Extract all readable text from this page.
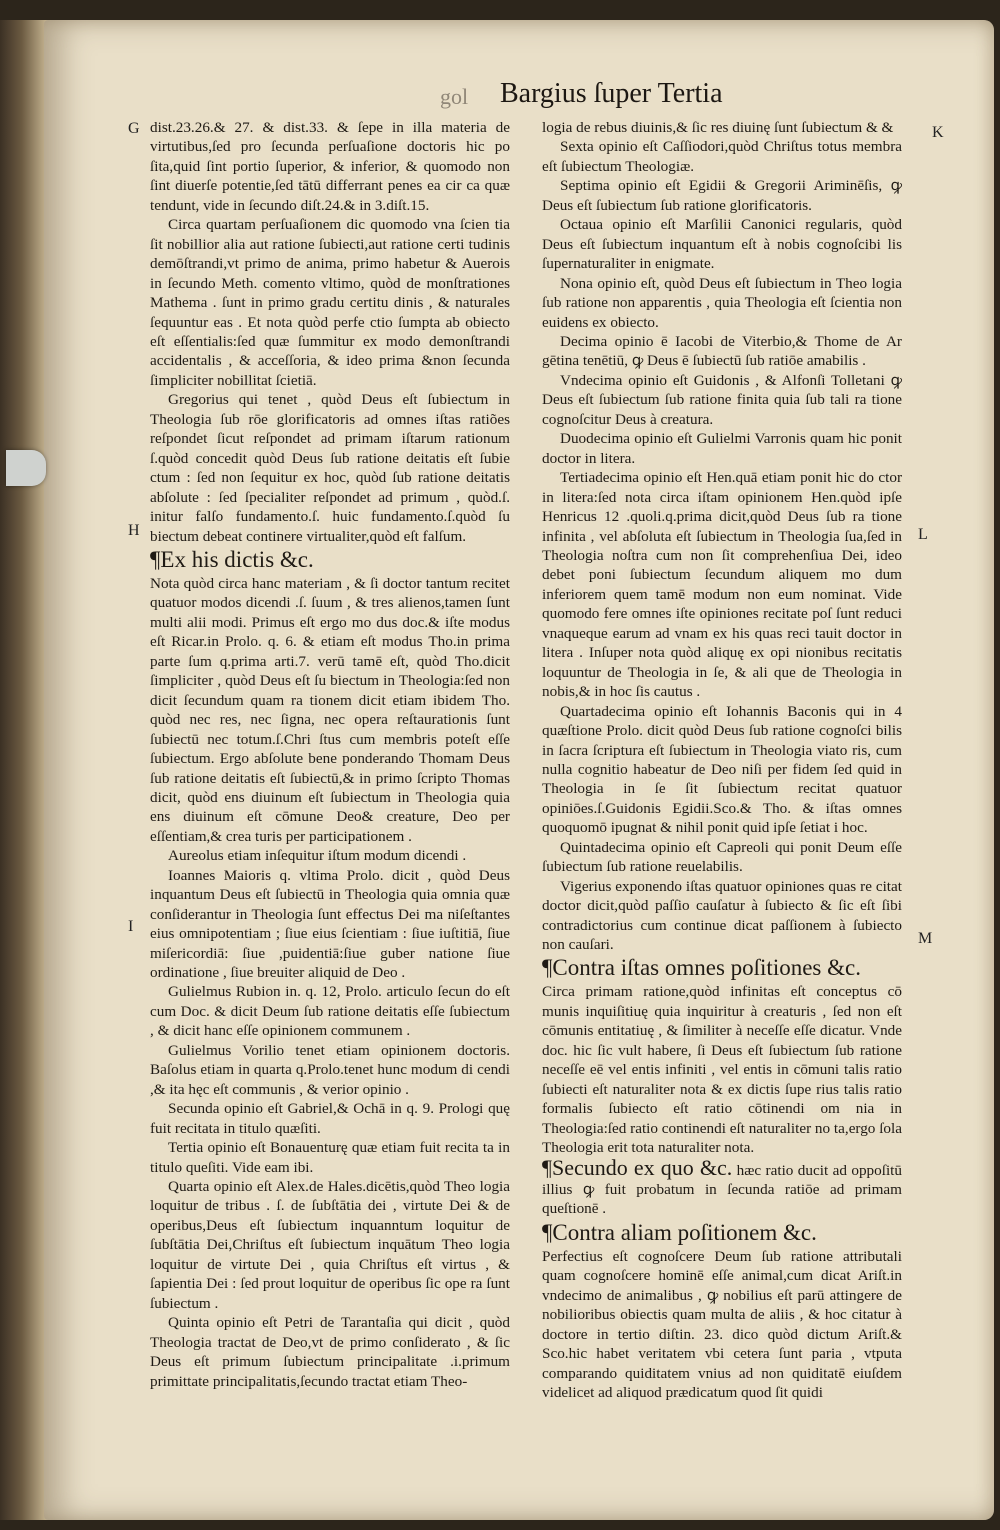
gol Bargius ſuper Tertia
G
H
I
K
L
M

dist.23.26.& 27. & dist.33. & ſepe in illa materia de virtutibus,ſed pro ſecunda perſuaſione doctoris hic po ſita,quid ſint portio ſuperior, & inferior, & quomodo non ſint diuerſe potentie,ſed tātū differrant penes ea cir ca quæ tendunt, vide in ſecundo diſt.24.& in 3.diſt.15.

Circa quartam perſuaſionem dic quomodo vna ſcien tia ſit nobillior alia aut ratione ſubiecti,aut ratione certi tudinis demōſtrandi,vt primo de anima, primo habetur & Auerois in ſecundo Meth. comento vltimo, quòd de monſtrationes Mathema . ſunt in primo gradu certitu dinis , & naturales ſequuntur eas . Et nota quòd perfe ctio ſumpta ab obiecto eſt eſſentialis:ſed quæ ſummitur ex modo demonſtrandi accidentalis , & acceſſoria, & ideo prima &non ſecunda ſimpliciter nobillitat ſcietiā.

Gregorius qui tenet , quòd Deus eſt ſubiectum in Theologia ſub rōe glorificatoris ad omnes iſtas ratiões reſpondet ſicut reſpondet ad primam iſtarum rationum ſ.quòd concedit quòd Deus ſub ratione deitatis eſt ſubie ctum : ſed non ſequitur ex hoc, quòd ſub ratione deitatis abſolute : ſed ſpecialiter reſpondet ad primum , quòd.ſ. initur falſo fundamento.ſ. huic fundamento.ſ.quòd ſu biectum debeat continere virtualiter,quòd eſt falſum.

¶Ex his dictis &c.

Nota quòd circa hanc materiam , & ſi doctor tantum recitet quatuor modos dicendi .ſ. ſuum , & tres alienos,tamen ſunt multi alii modi. Primus eſt ergo mo dus doc.& iſte modus eſt Ricar.in Prolo. q. 6. & etiam eſt modus Tho.in prima parte ſum q.prima arti.7. verū tamē eſt, quòd Tho.dicit ſimpliciter , quòd Deus eſt ſu biectum in Theologia:ſed non dicit ſecundum quam ra tionem dicit etiam ibidem Tho. quòd nec res, nec ſigna, nec opera reſtaurationis ſunt ſubiectū nec totum.ſ.Chri ſtus cum membris poteſt eſſe ſubiectum. Ergo abſolute bene ponderando Thomam Deus ſub ratione deitatis eſt ſubiectū,& in primo ſcripto Thomas dicit, quòd ens diuinum eſt ſubiectum in Theologia quia ens diuinum eſt cōmune Deo& creature, Deo per eſſentiam,& crea turis per participationem .

Aureolus etiam inſequitur iſtum modum dicendi .

Ioannes Maioris q. vltima Prolo. dicit , quòd Deus inquantum Deus eſt ſubiectū in Theologia quia omnia quæ conſiderantur in Theologia ſunt effectus Dei ma niſeſtantes eius omnipotentiam ; ſiue eius ſcientiam : ſiue iuſtitiā, ſiue miſericordiā: ſiue ,puidentiā:ſiue guber natione ſiue ordinatione , ſiue breuiter aliquid de Deo .

Gulielmus Rubion in. q. 12, Prolo. articulo ſecun do eſt cum Doc. & dicit Deum ſub ratione deitatis eſſe ſubiectum , & dicit hanc eſſe opinionem communem .

Gulielmus Vorilio tenet etiam opinionem doctoris. Baſolus etiam in quarta q.Prolo.tenet hunc modum di cendi ,& ita hęc eſt communis , & verior opinio .

Secunda opinio eſt Gabriel,& Ochā in q. 9. Prologi quę fuit recitata in titulo quæſiti.

Tertia opinio eſt Bonauenturę quæ etiam fuit recita ta in titulo queſiti. Vide eam ibi.

Quarta opinio eſt Alex.de Hales.dicētis,quòd Theo logia loquitur de tribus . ſ. de ſubſtātia dei , virtute Dei & de operibus,Deus eſt ſubiectum inquanntum loquitur de ſubſtātia Dei,Chriſtus eſt ſubiectum inquātum Theo logia loquitur de virtute Dei , quia Chriſtus eſt virtus , & ſapientia Dei : ſed prout loquitur de operibus ſic ope ra ſunt ſubiectum .

Quinta opinio eſt Petri de Tarantaſia qui dicit , quòd Theologia tractat de Deo,vt de primo conſiderato , & ſic Deus eſt primum ſubiectum principalitate .i.primum primittate principalitatis,ſecundo tractat etiam Theo-

logia de rebus diuinis,& ſic res diuinę ſunt ſubiectum & &

Sexta opinio eſt Caſſiodori,quòd Chriſtus totus membra eſt ſubiectum Theologiæ.

Septima opinio eſt Egidii & Gregorii Ariminēſis, ꝙ Deus eſt ſubiectum ſub ratione glorificatoris.

Octaua opinio eſt Marſilii Canonici regularis, quòd Deus eſt ſubiectum inquantum eſt à nobis cognoſcibi lis ſupernaturaliter in enigmate.

Nona opinio eſt, quòd Deus eſt ſubiectum in Theo logia ſub ratione non apparentis , quia Theologia eſt ſcientia non euidens ex obiecto.

Decima opinio ē Iacobi de Viterbio,& Thome de Ar gētina tenētiū, ꝙ Deus ē ſubiectū ſub ratiōe amabilis .

Vndecima opinio eſt Guidonis , & Alfonſi Tolletani ꝙ Deus eſt ſubiectum ſub ratione finita quia ſub tali ra tione cognoſcitur Deus à creatura.

Duodecima opinio eſt Gulielmi Varronis quam hic ponit doctor in litera.

Tertiadecima opinio eſt Hen.quā etiam ponit hic do ctor in litera:ſed nota circa iſtam opinionem Hen.quòd ipſe Henricus 12 .quoli.q.prima dicit,quòd Deus ſub ra tione infinita , vel abſoluta eſt ſubiectum in Theologia ſua,ſed in Theologia noſtra cum non ſit comprehenſiua Dei, ideo debet poni ſubiectum ſecundum aliquem mo dum inferiorem quem tamē modum non eum nominat. Vide quomodo fere omnes iſte opiniones recitate poſ ſunt reduci vnaqueque earum ad vnam ex his quas reci tauit doctor in litera . Inſuper nota quòd aliquę ex opi nionibus recitatis loquuntur de Theologia in ſe, & ali que de Theologia in nobis,& in hoc ſis cautus .

Quartadecima opinio eſt Iohannis Baconis qui in 4 quæſtione Prolo. dicit quòd Deus ſub ratione cognoſci bilis in ſacra ſcriptura eſt ſubiectum in Theologia viato ris, cum nulla cognitio habeatur de Deo niſi per fidem ſed quid in Theologia in ſe ſit ſubiectum recitat quatuor opiniōes.ſ.Guidonis Egidii.Sco.& Tho. & iſtas omnes quoquomō ipugnat & nihil ponit quid ipſe ſetiat i hoc.

Quintadecima opinio eſt Capreoli qui ponit Deum eſſe ſubiectum ſub ratione reuelabilis.

Vigerius exponendo iſtas quatuor opiniones quas re citat doctor dicit,quòd paſſio cauſatur à ſubiecto & ſic eſt ſibi contradictorius cum continue dicat paſſionem à ſubiecto non cauſari.

¶Contra iſtas omnes poſitiones &c.

Circa primam ratione,quòd infinitas eſt conceptus cō munis inquiſitiuę quia inquiritur à creaturis , ſed non eſt cōmunis entitatiuę , & ſimiliter à neceſſe eſſe dicatur. Vnde doc. hic ſic vult habere, ſi Deus eſt ſubiectum ſub ratione neceſſe eē vel entis infiniti , vel entis in cōmuni talis ratio ſubiecti eſt naturaliter nota & ex dictis ſupe rius talis ratio formalis ſubiecto eſt ratio cōtinendi om nia in Theologia:ſed ratio continendi eſt naturaliter no ta,ergo ſola Theologia erit tota naturaliter nota.

¶Secundo ex quo &c. hæc ratio ducit ad oppoſitū illius ꝙ fuit probatum in ſecunda ratiōe ad primam queſtionē .

¶Contra aliam poſitionem &c.

Perfectius eſt cognoſcere Deum ſub ratione attributali quam cognoſcere hominē eſſe animal,cum dicat Ariſt.in vndecimo de animalibus , ꝙ nobilius eſt parū attingere de nobilioribus obiectis quam multa de aliis , & hoc citatur à doctore in tertio diſtin. 23. dico quòd dictum Ariſt.& Sco.hic habet veritatem vbi cetera ſunt paria , vtputa comparando quiditatem vnius ad non quiditatē eiuſdem videlicet ad aliquod prædicatum quod ſit quidi
